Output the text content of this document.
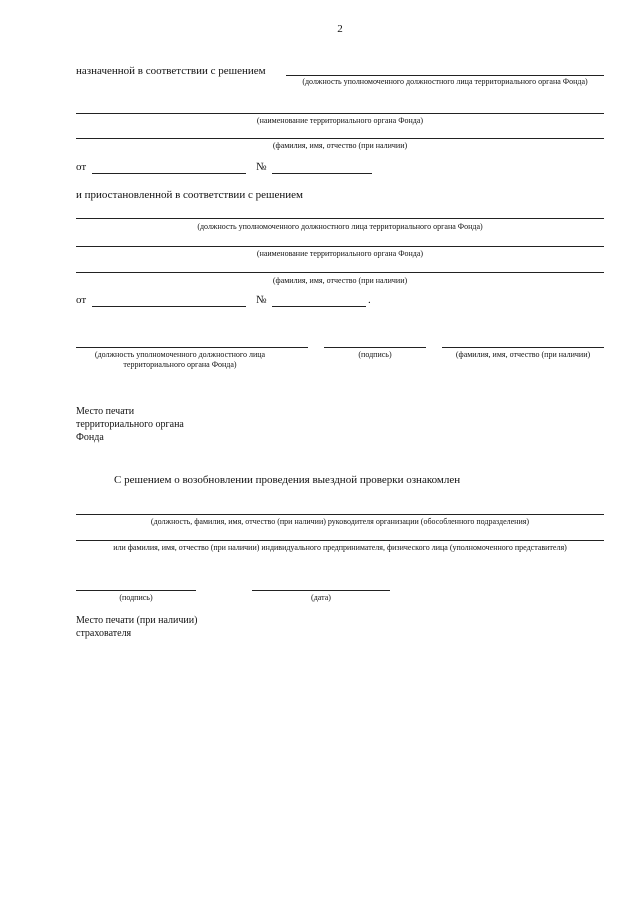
2
назначенной в соответствии с решением
(должность уполномоченного должностного лица территориального органа Фонда)
(наименование территориального органа Фонда)
(фамилия, имя, отчество (при наличии)
от	№
и приостановленной в соответствии с решением
(должность уполномоченного должностного лица территориального органа Фонда)
(наименование территориального органа Фонда)
(фамилия, имя, отчество (при наличии)
от	№	.
(должность уполномоченного должностного лица территориального органа Фонда)
(подпись)	(фамилия, имя, отчество (при наличии)
Место печати территориального органа Фонда
С решением о возобновлении проведения выездной проверки ознакомлен
(должность, фамилия, имя, отчество (при наличии) руководителя организации (обособленного подразделения)
или фамилия, имя, отчество (при наличии) индивидуального предпринимателя, физического лица (уполномоченного представителя)
(подпись)	(дата)
Место печати (при наличии) страхователя
